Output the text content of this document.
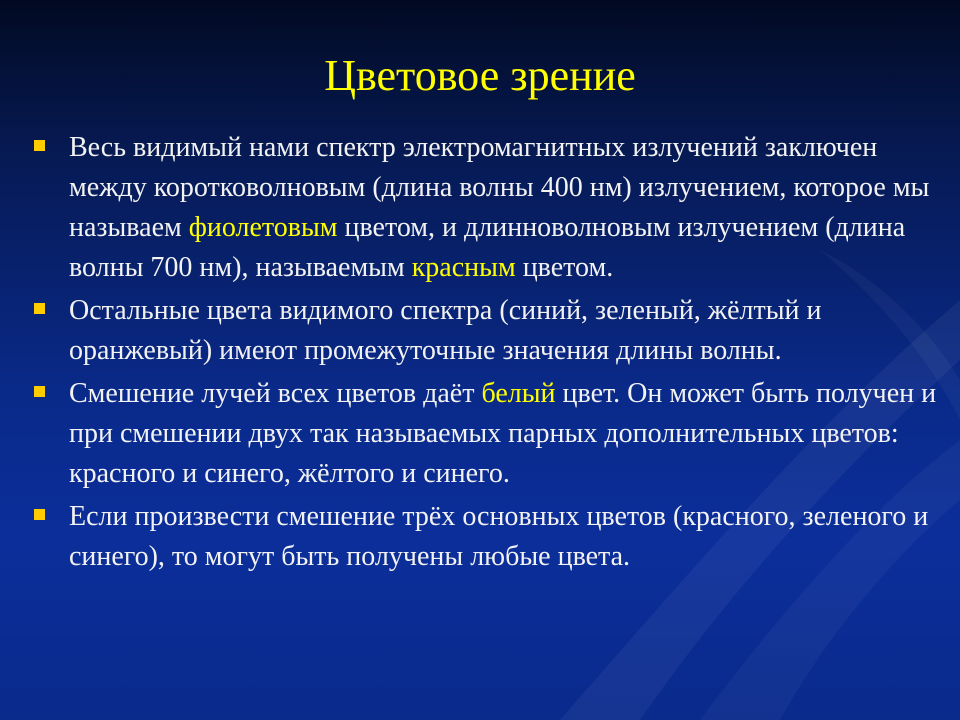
Цветовое зрение
Весь видимый нами спектр электромагнитных излучений заключен между коротковолновым (длина волны 400 нм) излучением, которое мы называем фиолетовым цветом, и длинноволновым излучением (длина волны 700 нм), называемым красным цветом.
Остальные цвета видимого спектра (синий, зеленый, жёлтый и оранжевый) имеют промежуточные значения длины волны.
Смешение лучей всех цветов даёт белый цвет. Он может быть получен и при смешении двух так называемых парных дополнительных цветов: красного и синего, жёлтого и синего.
Если произвести смешение трёх основных цветов (красного, зеленого и синего), то могут быть получены любые цвета.
